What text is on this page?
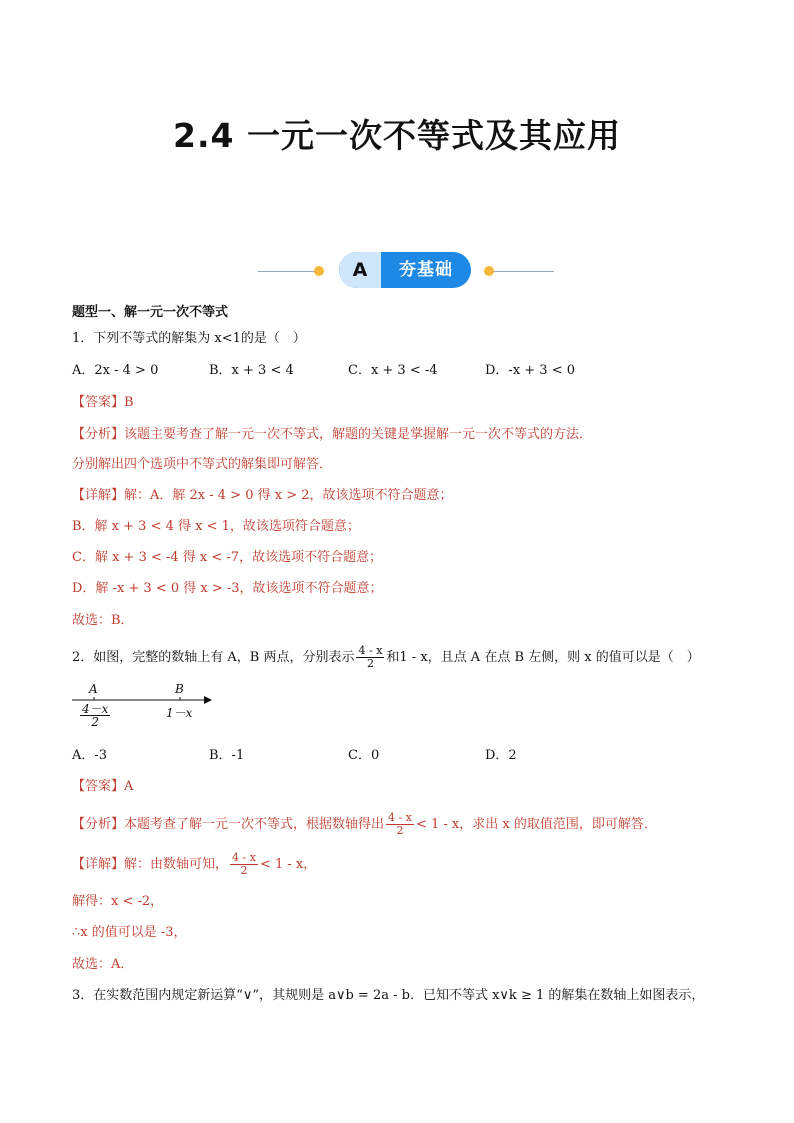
2.4 一元一次不等式及其应用
A	夯基础
题型一、解一元一次不等式
1．下列不等式的解集为 x<1的是（　）
A．2x - 4 > 0	B．x + 3 < 4	C．x + 3 < -4	D．-x + 3 < 0
【答案】B
【分析】该题主要考查了解一元一次不等式，解题的关键是掌握解一元一次不等式的方法．
分别解出四个选项中不等式的解集即可解答．
【详解】解：A．解 2x - 4 > 0 得 x > 2，故该选项不符合题意；
B．解 x + 3 < 4 得 x < 1，故该选项符合题意；
C．解 x + 3 < -4 得 x < -7，故该选项不符合题意；
D．解 -x + 3 < 0 得 x > -3，故该选项不符合题意；
故选：B．
2．如图，完整的数轴上有 A，B 两点，分别表示 $\frac{4 - x}{2}$ 和1 - x，且点 A 在点 B 左侧，则 x 的值可以是（　）
A	B
$\frac{4-x}{2}$	1－x
A．-3	B．-1	C．0	D．2
【答案】A
【分析】本题考查了解一元一次不等式，根据数轴得出 $\frac{4 - x}{2} < 1 - x$，求出 x 的取值范围，即可解答．
【详解】解：由数轴可知， $\frac{4 - x}{2} < 1 - x$，
解得：x < -2，
∴x 的值可以是 -3，
故选：A．
3．在实数范围内规定新运算“∨”，其规则是 a∨b = 2a - b．已知不等式 x∨k ≥ 1 的解集在数轴上如图表示，
